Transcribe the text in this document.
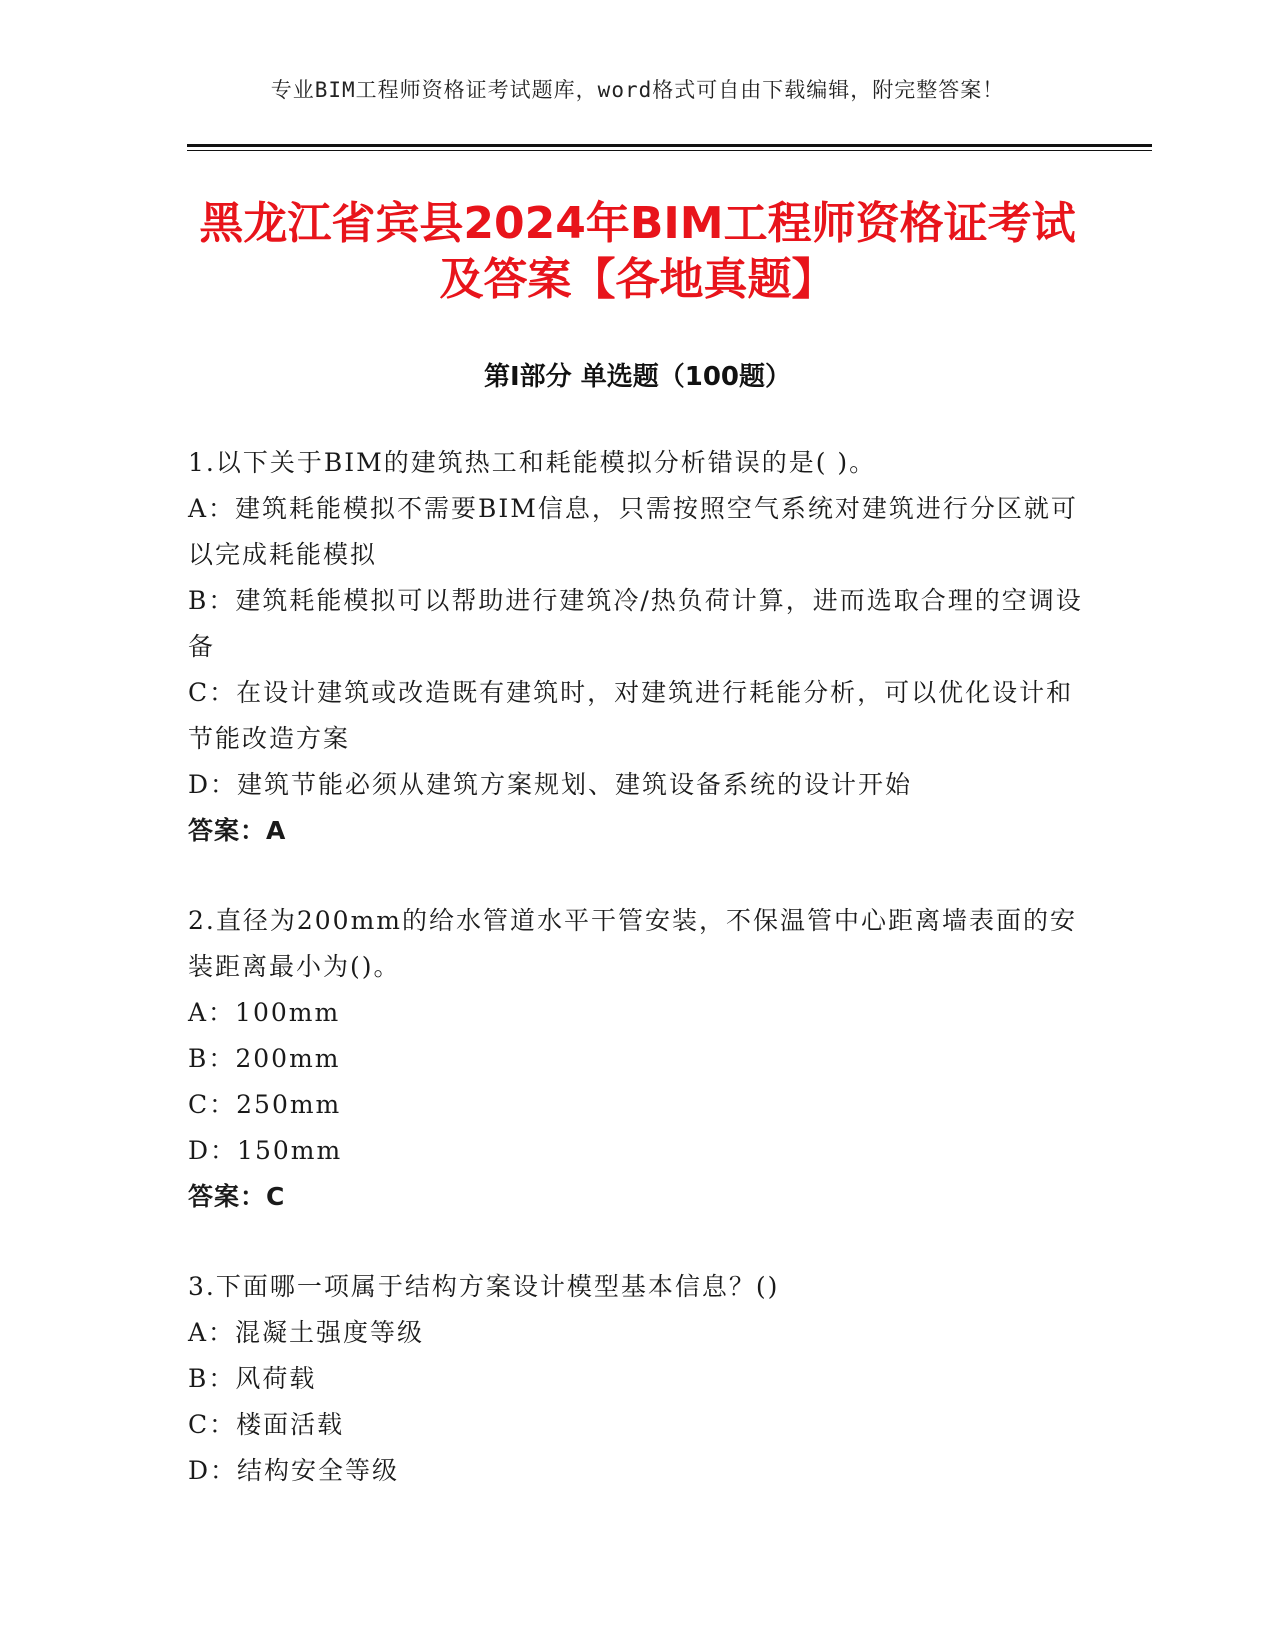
专业BIM工程师资格证考试题库，word格式可自由下载编辑，附完整答案！
黑龙江省宾县2024年BIM工程师资格证考试
及答案【各地真题】
第Ⅰ部分 单选题（100题）
1.以下关于BIM的建筑热工和耗能模拟分析错误的是( )。
A：建筑耗能模拟不需要BIM信息，只需按照空气系统对建筑进行分区就可以完成耗能模拟
B：建筑耗能模拟可以帮助进行建筑冷/热负荷计算，进而选取合理的空调设备
C：在设计建筑或改造既有建筑时，对建筑进行耗能分析，可以优化设计和节能改造方案
D：建筑节能必须从建筑方案规划、建筑设备系统的设计开始
答案：A
2.直径为200mm的给水管道水平干管安装，不保温管中心距离墙表面的安装距离最小为()。
A：100mm
B：200mm
C：250mm
D：150mm
答案：C
3.下面哪一项属于结构方案设计模型基本信息？()
A：混凝土强度等级
B：风荷载
C：楼面活载
D：结构安全等级
